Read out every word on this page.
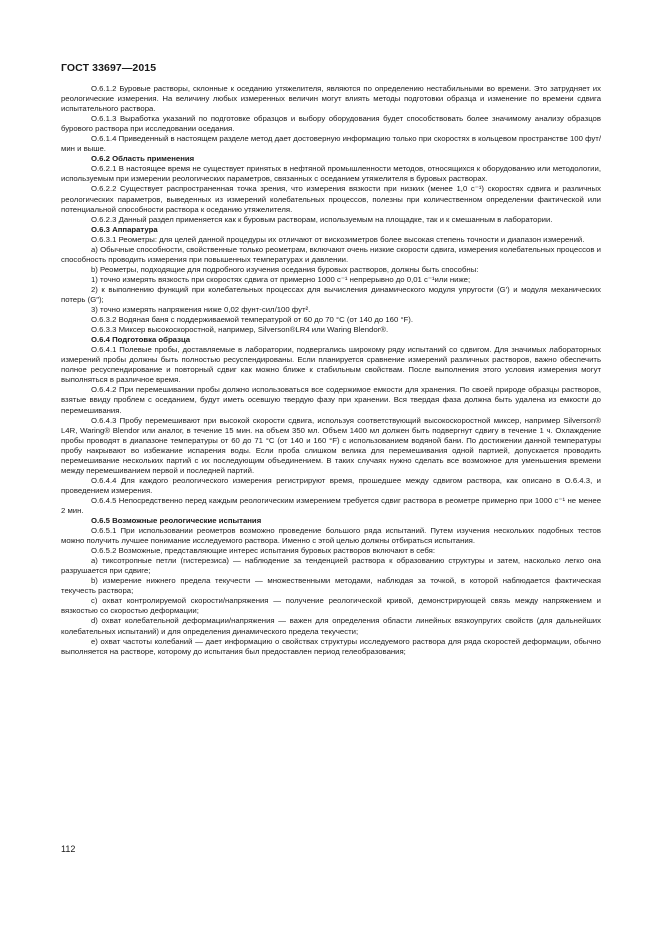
ГОСТ 33697—2015

O.6.1.2 Буровые растворы, склонные к оседанию утяжелителя, являются по определению нестабильными во времени. Это затрудняет их реологические измерения. На величину любых измеренных величин могут влиять методы подготовки образца и изменение по времени сдвига испытательного раствора.

O.6.1.3 Выработка указаний по подготовке образцов и выбору оборудования будет способствовать более значимому анализу образцов бурового раствора при исследовании оседания.

O.6.1.4 Приведенный в настоящем разделе метод дает достоверную информацию только при скоростях в кольцевом пространстве 100 фут/мин и выше.

O.6.2 Область применения

O.6.2.1 В настоящее время не существует принятых в нефтяной промышленности методов, относящихся к оборудованию или методологии, используемым при измерении реологических параметров, связанных с оседанием утяжелителя в буровых растворах.

O.6.2.2 Существует распространенная точка зрения, что измерения вязкости при низких (менее 1,0 с⁻¹) скоростях сдвига и различных реологических параметров, выведенных из измерений колебательных процессов, полезны при количественном определении фактической или потенциальной способности раствора к оседанию утяжелителя.

O.6.2.3 Данный раздел применяется как к буровым растворам, используемым на площадке, так и к смешанным в лаборатории.

O.6.3 Аппаратура

O.6.3.1 Реометры: для целей данной процедуры их отличают от вискозиметров более высокая степень точности и диапазон измерений.

a) Обычные способности, свойственные только реометрам, включают очень низкие скорости сдвига, измерения колебательных процессов и способность проводить измерения при повышенных температурах и давлении.

b) Реометры, подходящие для подробного изучения оседания буровых растворов, должны быть способны:

1) точно измерять вязкость при скоростях сдвига от примерно 1000 с⁻¹ непрерывно до 0,01 с⁻¹или ниже;

2) к выполнению функций при колебательных процессах для вычисления динамического модуля упругости (G′) и модуля механических потерь (G″);

3) точно измерять напряжения ниже 0,02 фунт-сил/100 фут².

O.6.3.2 Водяная баня с поддерживаемой температурой от 60 до 70 °C (от 140 до 160 °F).

O.6.3.3 Миксер высокоскоростной, например, Silverson®LR4 или Waring Blendor®.

O.6.4 Подготовка образца

O.6.4.1 Полевые пробы, доставляемые в лаборатории, подвергались широкому ряду испытаний со сдвигом. Для значимых лабораторных измерений пробы должны быть полностью ресуспендированы. Если планируется сравнение измерений различных растворов, важно обеспечить полное ресуспендирование и повторный сдвиг как можно ближе к стабильным свойствам. После выполнения этого условия измерения могут выполняться в различное время.

O.6.4.2 При перемешивании пробы должно использоваться все содержимое емкости для хранения. По своей природе образцы растворов, взятые ввиду проблем с оседанием, будут иметь осевшую твердую фазу при хранении. Вся твердая фаза должна быть удалена из емкости до перемешивания.

O.6.4.3 Пробу перемешивают при высокой скорости сдвига, используя соответствующий высокоскоростной миксер, например Silverson® L4R, Waring® Blendor или аналог, в течение 15 мин. на объем 350 мл. Объем 1400 мл должен быть подвергнут сдвигу в течение 1 ч. Охлаждение пробы проводят в диапазоне температуры от 60 до 71 °C (от 140 и 160 °F) с использованием водяной бани. По достижении данной температуры пробу накрывают во избежание испарения воды. Если проба слишком велика для перемешивания одной партией, допускается проводить перемешивание нескольких партий с их последующим объединением. В таких случаях нужно сделать все возможное для уменьшения времени между перемешиванием первой и последней партий.

O.6.4.4 Для каждого реологического измерения регистрируют время, прошедшее между сдвигом раствора, как описано в O.6.4.3, и проведением измерения.

O.6.4.5 Непосредственно перед каждым реологическим измерением требуется сдвиг раствора в реометре примерно при 1000 с⁻¹ не менее 2 мин.

O.6.5 Возможные реологические испытания

O.6.5.1 При использовании реометров возможно проведение большого ряда испытаний. Путем изучения нескольких подобных тестов можно получить лучшее понимание исследуемого раствора. Именно с этой целью должны отбираться испытания.

O.6.5.2 Возможные, представляющие интерес испытания буровых растворов включают в себя:

a) тиксотропные петли (гистерезиса) — наблюдение за тенденцией раствора к образованию структуры и затем, насколько легко она разрушается при сдвиге;

b) измерение нижнего предела текучести — множественными методами, наблюдая за точкой, в которой наблюдается фактическая текучесть раствора;

c) охват контролируемой скорости/напряжения — получение реологической кривой, демонстрирующей связь между напряжением и вязкостью со скоростью деформации;

d) охват колебательной деформации/напряжения — важен для определения области линейных вязкоупругих свойств (для дальнейших колебательных испытаний) и для определения динамического предела текучести;

e) охват частоты колебаний — дает информацию о свойствах структуры исследуемого раствора для ряда скоростей деформации, обычно выполняется на растворе, которому до испытания был предоставлен период гелеобразования;

112
